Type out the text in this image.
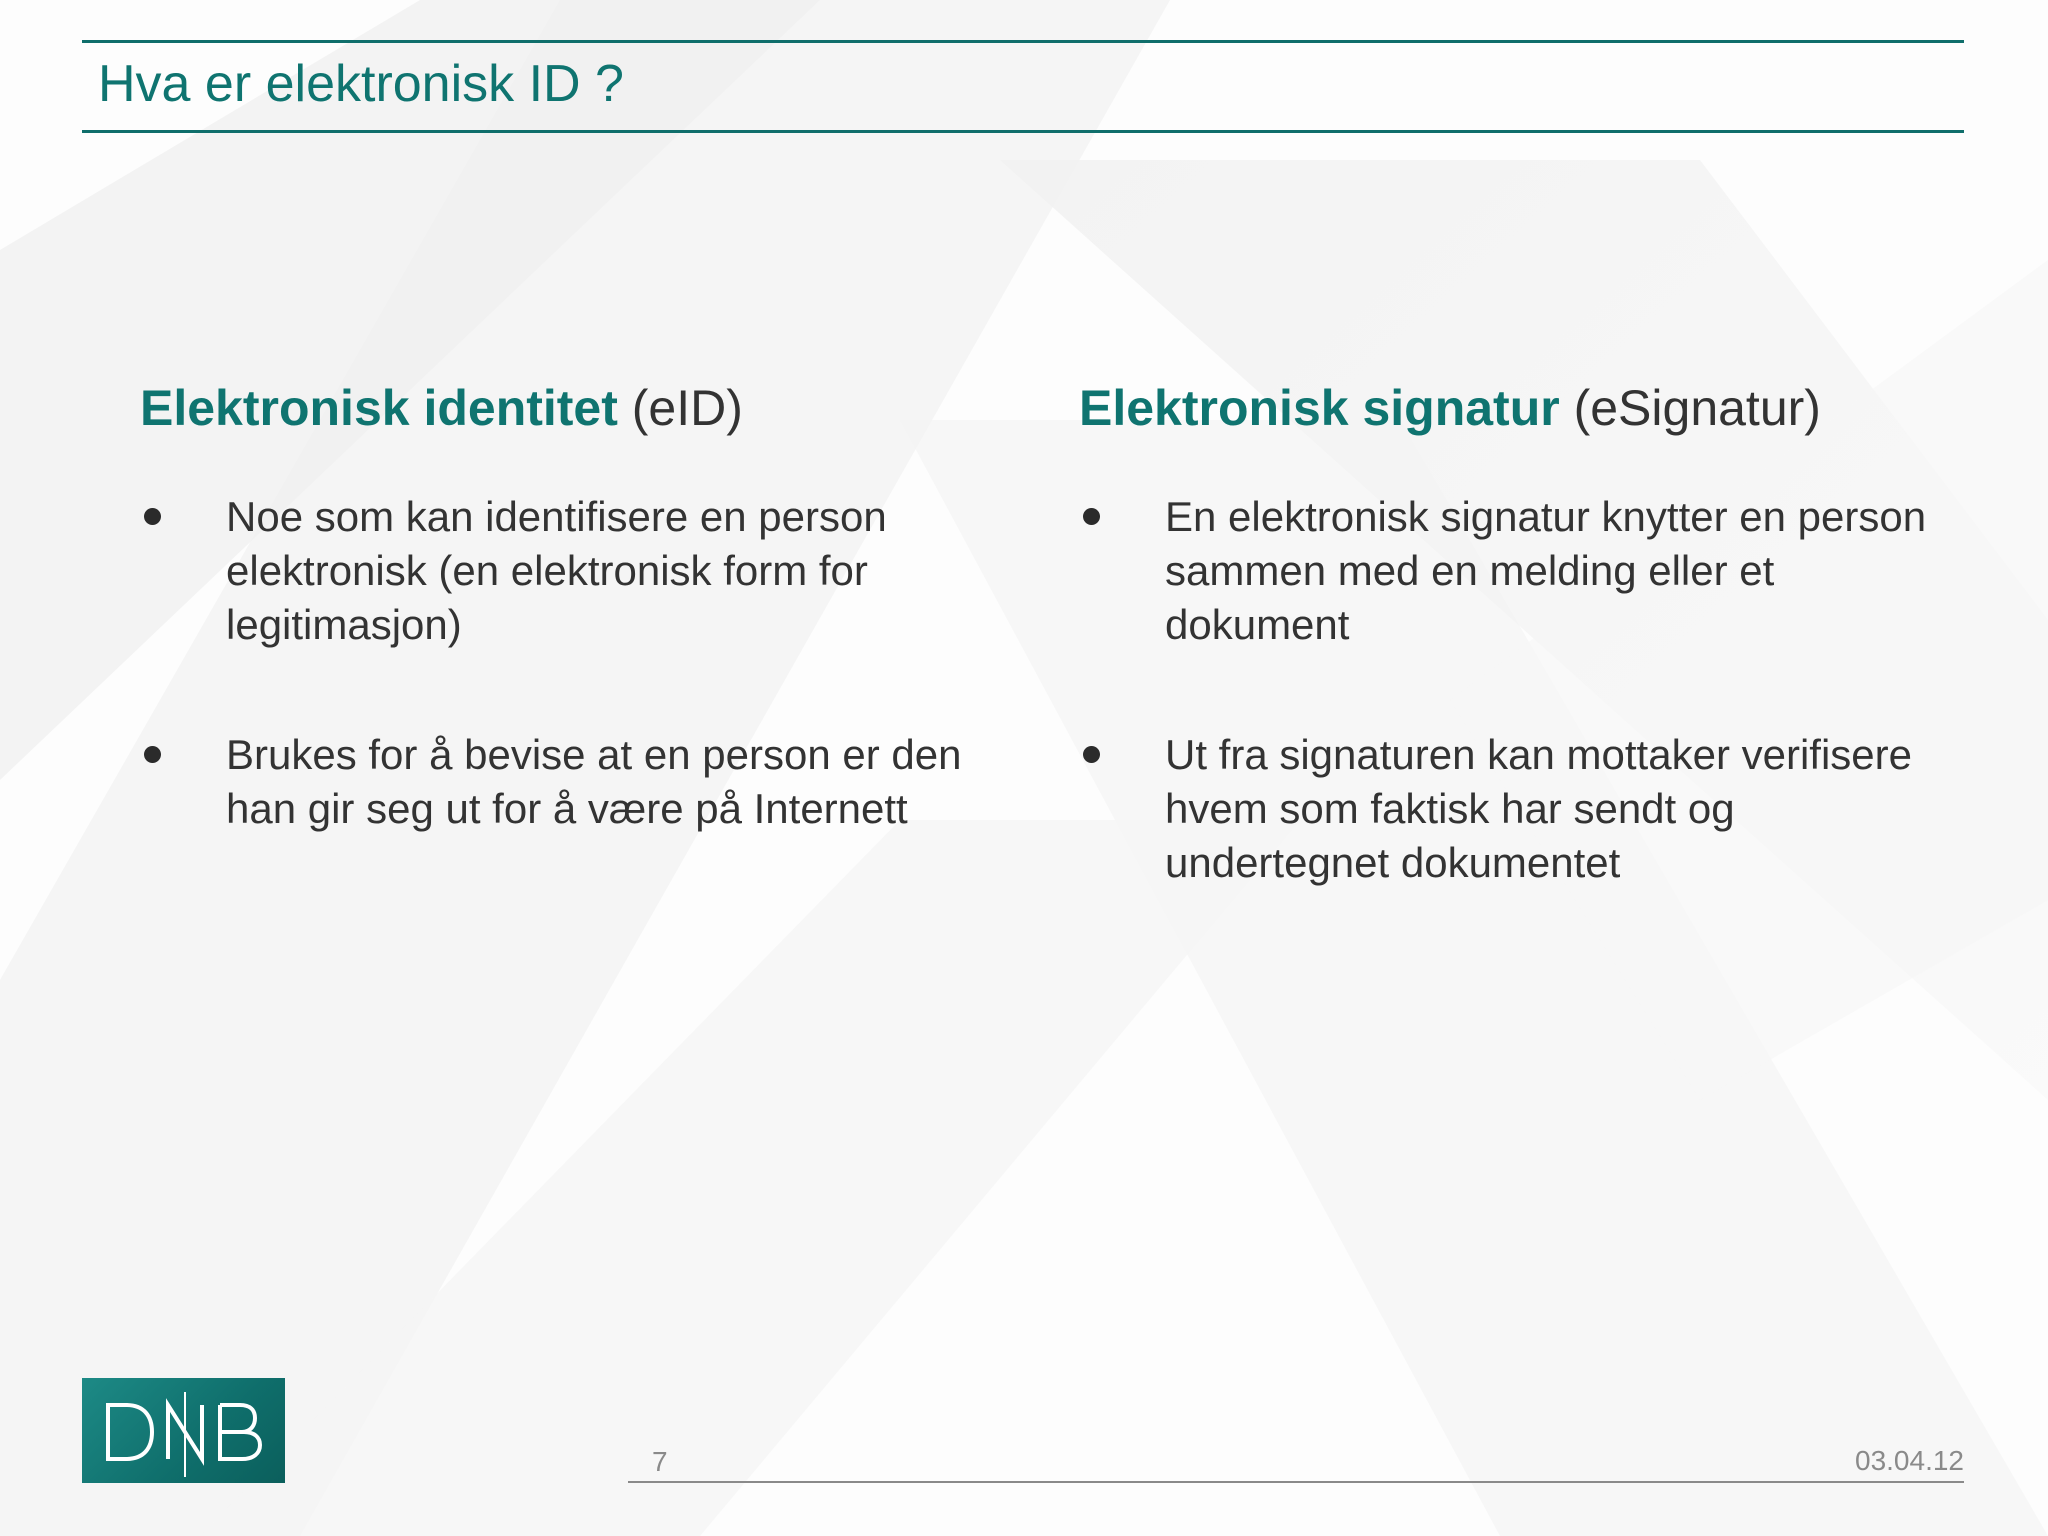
Hva er elektronisk ID ?
Elektronisk identitet (eID)
Noe som kan identifisere en person elektronisk (en elektronisk form for legitimasjon)
Brukes for å bevise at en person er den han gir seg ut for å være på Internett
Elektronisk signatur (eSignatur)
En elektronisk signatur knytter en person sammen med en melding eller et dokument
Ut fra signaturen kan mottaker verifisere hvem som faktisk har sendt og undertegnet dokumentet
7	03.04.12
